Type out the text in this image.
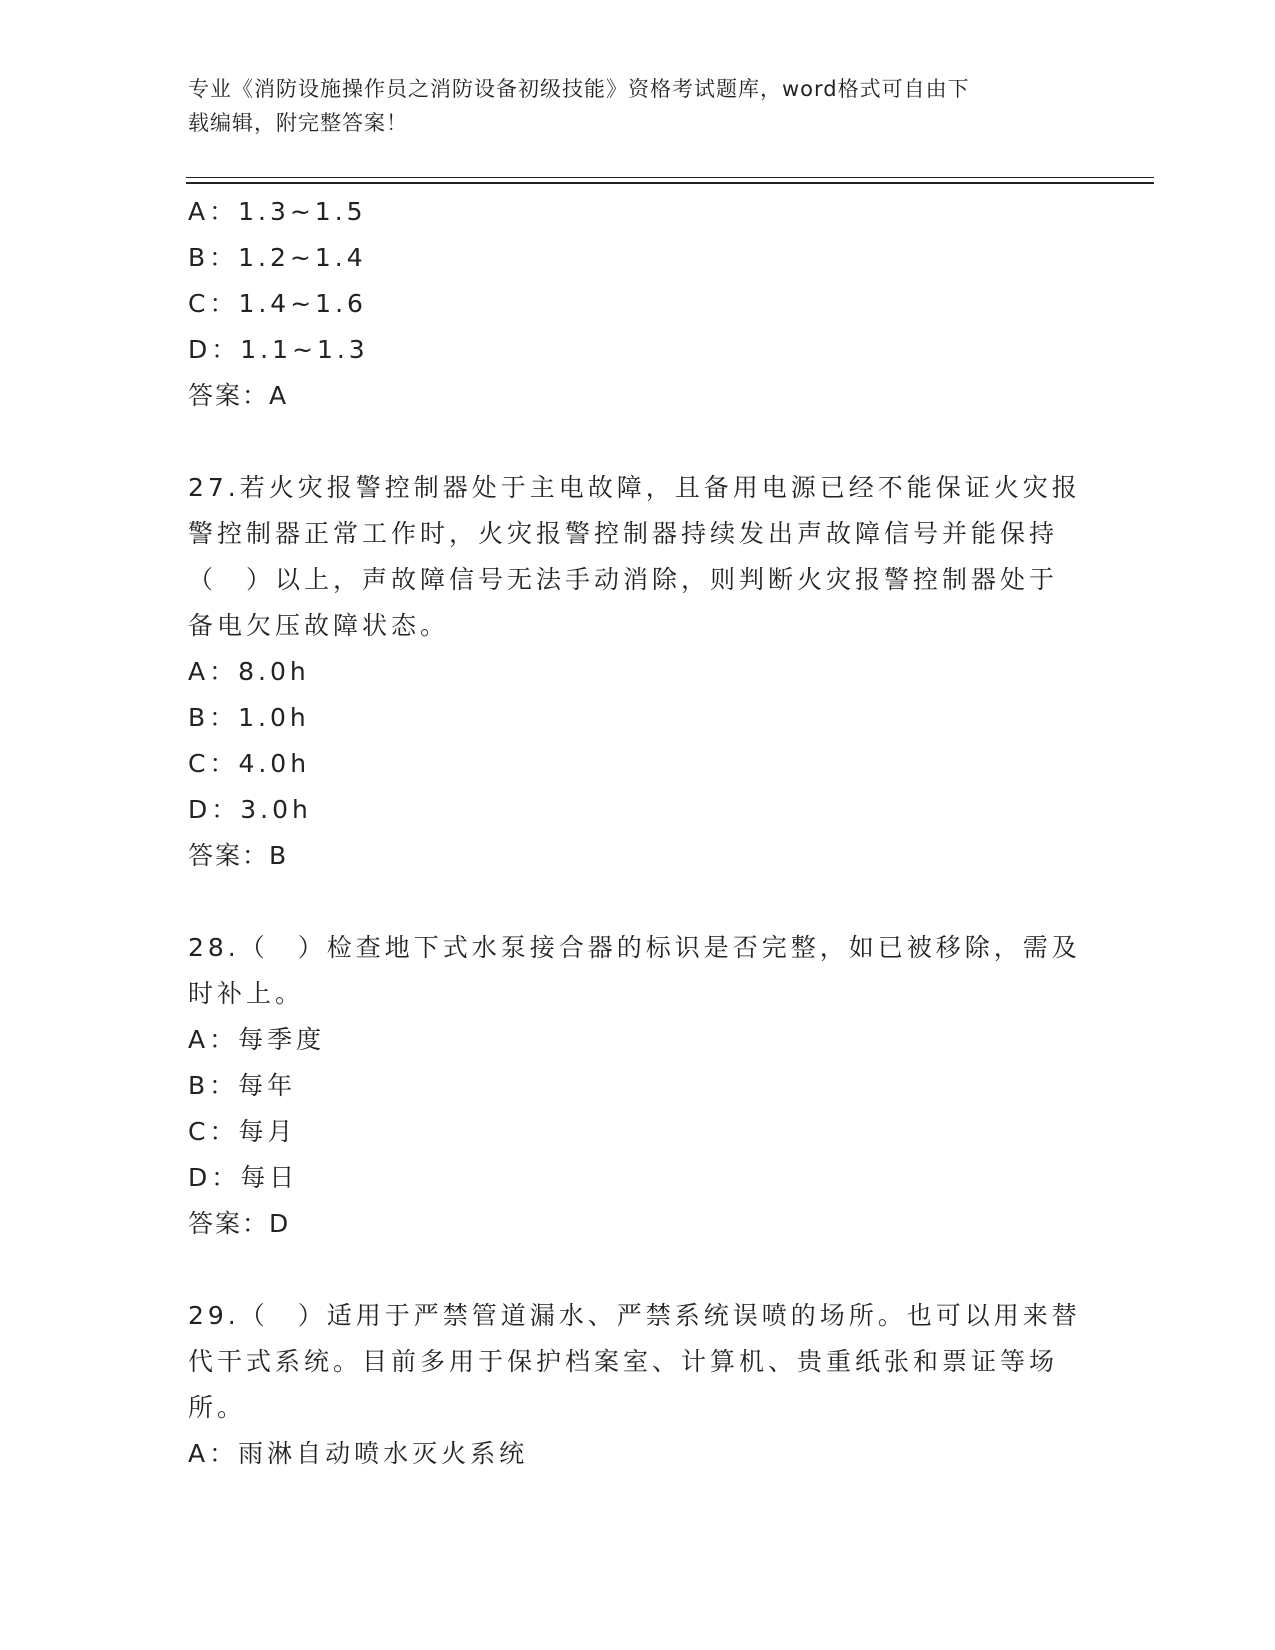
专业《消防设施操作员之消防设备初级技能》资格考试题库，word格式可自由下
载编辑，附完整答案！
A：1.3~1.5
B：1.2~1.4
C：1.4~1.6
D：1.1~1.3
答案：A
27.若火灾报警控制器处于主电故障，且备用电源已经不能保证火灾报
警控制器正常工作时，火灾报警控制器持续发出声故障信号并能保持
（　）以上，声故障信号无法手动消除，则判断火灾报警控制器处于
备电欠压故障状态。
A：8.0h
B：1.0h
C：4.0h
D：3.0h
答案：B
28.（　）检查地下式水泵接合器的标识是否完整，如已被移除，需及
时补上。
A：每季度
B：每年
C：每月
D：每日
答案：D
29.（　）适用于严禁管道漏水、严禁系统误喷的场所。也可以用来替
代干式系统。目前多用于保护档案室、计算机、贵重纸张和票证等场
所。
A：雨淋自动喷水灭火系统
